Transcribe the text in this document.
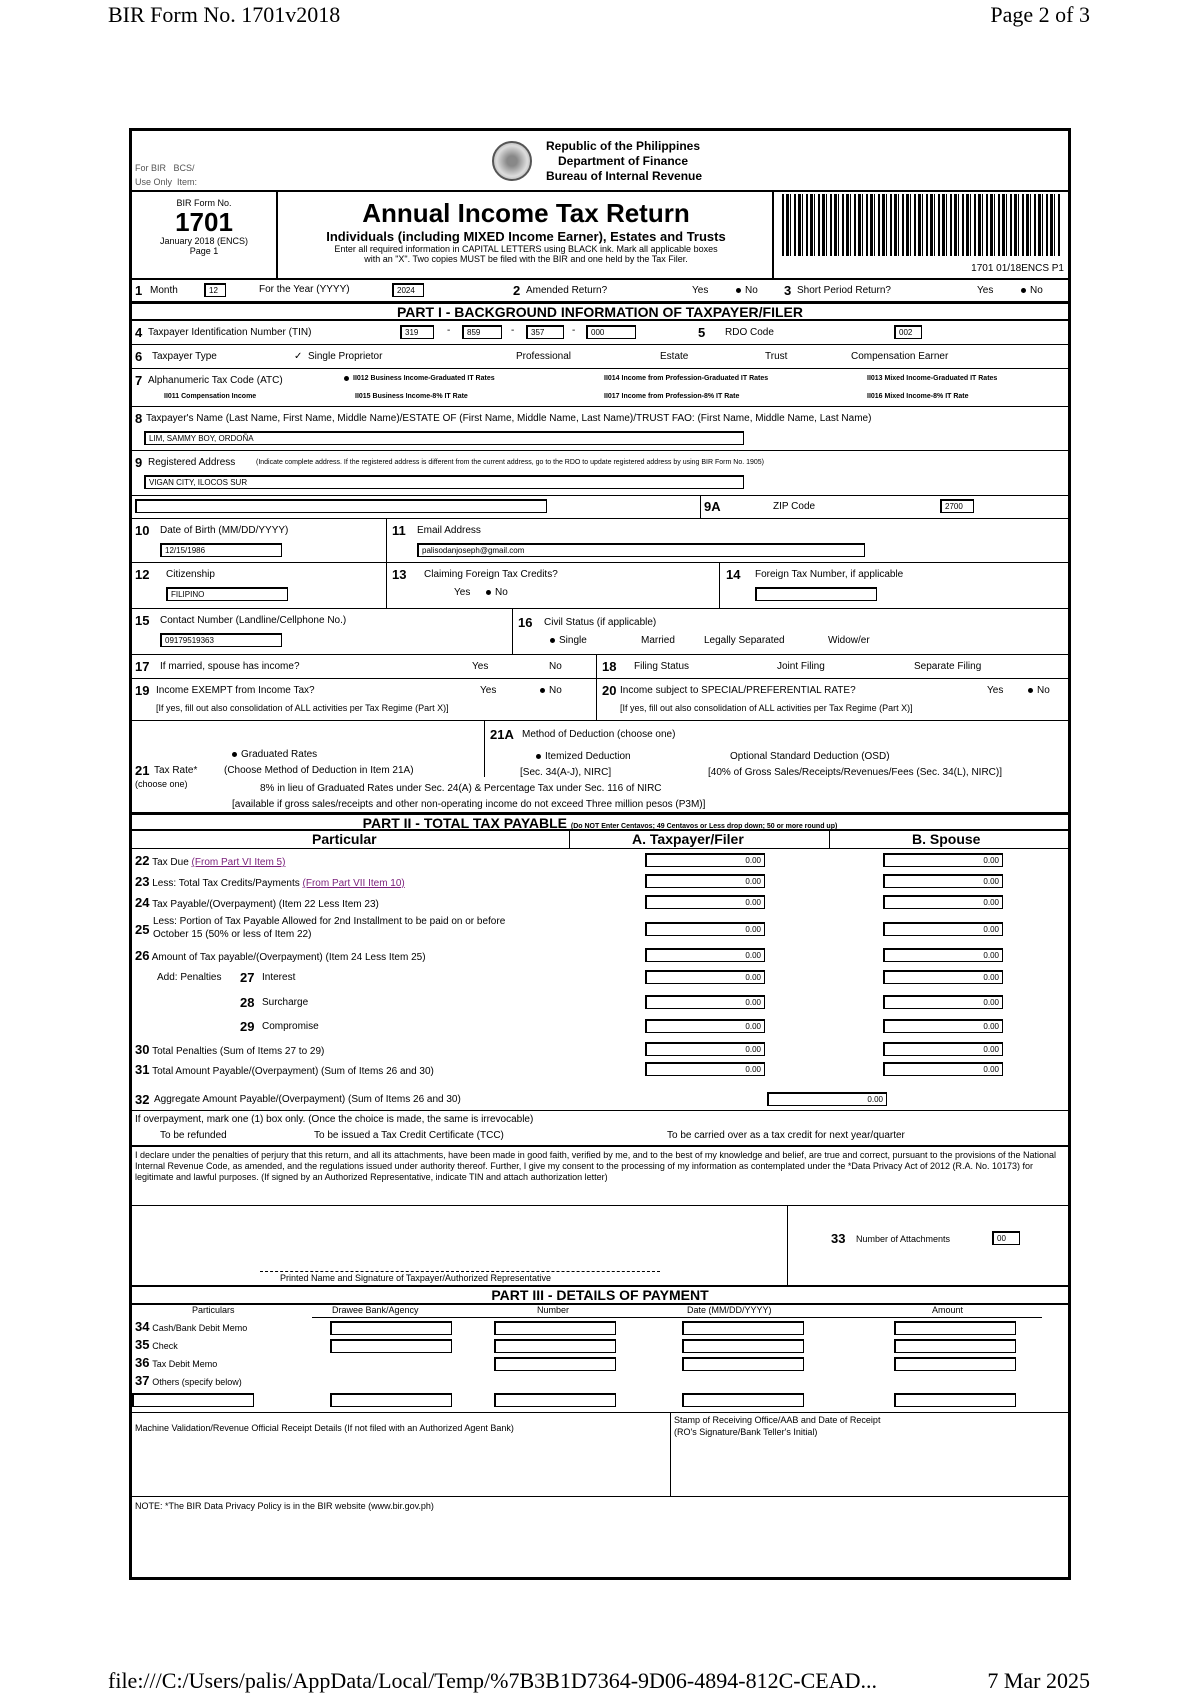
BIR Form No. 1701v2018	Page 2 of 3
For BIR BCS/
Use Only Item:
Republic of the Philippines
Department of Finance
Bureau of Internal Revenue
BIR Form No.
1701
January 2018 (ENCS)
Page 1
Annual Income Tax Return
Individuals (including MIXED Income Earner), Estates and Trusts
Enter all required information in CAPITAL LETTERS using BLACK ink. Mark all applicable boxes
with an "X". Two copies MUST be filed with the BIR and one held by the Tax Filer.
1701 01/18ENCS P1
1 Month	12	For the Year (YYYY)	2024	2 Amended Return?	Yes	No 3 Short Period Return?	Yes	No
PART I - BACKGROUND INFORMATION OF TAXPAYER/FILER
4 Taxpayer Identification Number (TIN)	319	-	859	-	357	-	000	5 RDO Code	002
6 Taxpayer Type	✓ Single Proprietor	Professional	Estate	Trust	Compensation Earner
7 Alphanumeric Tax Code (ATC)	II012 Business Income-Graduated IT Rates	II014 Income from Profession-Graduated IT Rates	II013 Mixed Income-Graduated IT Rates
II011 Compensation Income	II015 Business Income-8% IT Rate	II017 Income from Profession-8% IT Rate	II016 Mixed Income-8% IT Rate
8 Taxpayer's Name (Last Name, First Name, Middle Name)/ESTATE OF (First Name, Middle Name, Last Name)/TRUST FAO: (First Name, Middle Name, Last Name)
LIM, SAMMY BOY, ORDOÑA
9 Registered Address	(Indicate complete address. If the registered address is different from the current address, go to the RDO to update registered address by using BIR Form No. 1905)
VIGAN CITY, ILOCOS SUR
9A	ZIP Code	2700
10 Date of Birth (MM/DD/YYYY)
12/15/1986
11 Email Address
palisodanjoseph@gmail.com
12 Citizenship
FILIPINO
13 Claiming Foreign Tax Credits?
Yes	No
14 Foreign Tax Number, if applicable
15 Contact Number (Landline/Cellphone No.)
09179519363
16 Civil Status (if applicable)
Single	Married	Legally Separated	Widow/er
17 If married, spouse has income?	Yes	No	18 Filing Status	Joint Filing	Separate Filing
19 Income EXEMPT from Income Tax?	Yes	No
[If yes, fill out also consolidation of ALL activities per Tax Regime (Part X)]
20 Income subject to SPECIAL/PREFERENTIAL RATE?	Yes	No
[If yes, fill out also consolidation of ALL activities per Tax Regime (Part X)]
21 Tax Rate*
(choose one)
Graduated Rates
(Choose Method of Deduction in Item 21A)
21A Method of Deduction (choose one)
Itemized Deduction
[Sec. 34(A-J), NIRC]
Optional Standard Deduction (OSD)
[40% of Gross Sales/Receipts/Revenues/Fees (Sec. 34(L), NIRC)]
8% in lieu of Graduated Rates under Sec. 24(A) & Percentage Tax under Sec. 116 of NIRC
[available if gross sales/receipts and other non-operating income do not exceed Three million pesos (P3M)]
PART II - TOTAL TAX PAYABLE (Do NOT Enter Centavos; 49 Centavos or Less drop down; 50 or more round up)
Particular	A. Taxpayer/Filer	B. Spouse
22 Tax Due (From Part VI Item 5)	0.00	0.00
23 Less: Total Tax Credits/Payments (From Part VII Item 10)	0.00	0.00
24 Tax Payable/(Overpayment) (Item 22 Less Item 23)	0.00	0.00
25
Less: Portion of Tax Payable Allowed for 2nd Installment to be paid on or before
October 15 (50% or less of Item 22)	0.00	0.00
26 Amount of Tax payable/(Overpayment) (Item 24 Less Item 25)	0.00	0.00
Add: Penalties 27 Interest	0.00	0.00
28 Surcharge	0.00	0.00
29 Compromise	0.00	0.00
30 Total Penalties (Sum of Items 27 to 29)	0.00	0.00
31 Total Amount Payable/(Overpayment) (Sum of Items 26 and 30)	0.00	0.00
32 Aggregate Amount Payable/(Overpayment) (Sum of Items 26 and 30)	0.00
If overpayment, mark one (1) box only. (Once the choice is made, the same is irrevocable)
To be refunded	To be issued a Tax Credit Certificate (TCC)	To be carried over as a tax credit for next year/quarter
I declare under the penalties of perjury that this return, and all its attachments, have been made in good faith, verified by me, and to the best of my knowledge and belief, are true and correct, pursuant to the provisions of the National Internal Revenue Code, as amended, and the regulations issued under authority thereof. Further, I give my consent to the processing of my information as contemplated under the *Data Privacy Act of 2012 (R.A. No. 10173) for legitimate and lawful purposes. (If signed by an Authorized Representative, indicate TIN and attach authorization letter)
Printed Name and Signature of Taxpayer/Authorized Representative
33 Number of Attachments	00
PART III - DETAILS OF PAYMENT
Particulars	Drawee Bank/Agency	Number	Date (MM/DD/YYYY)	Amount
34 Cash/Bank Debit Memo
35 Check
36 Tax Debit Memo
37 Others (specify below)
Machine Validation/Revenue Official Receipt Details (If not filed with an Authorized Agent Bank)
Stamp of Receiving Office/AAB and Date of Receipt
(RO's Signature/Bank Teller's Initial)
NOTE: *The BIR Data Privacy Policy is in the BIR website (www.bir.gov.ph)
file:///C:/Users/palis/AppData/Local/Temp/%7B3B1D7364-9D06-4894-812C-CEAD...	7 Mar 2025
